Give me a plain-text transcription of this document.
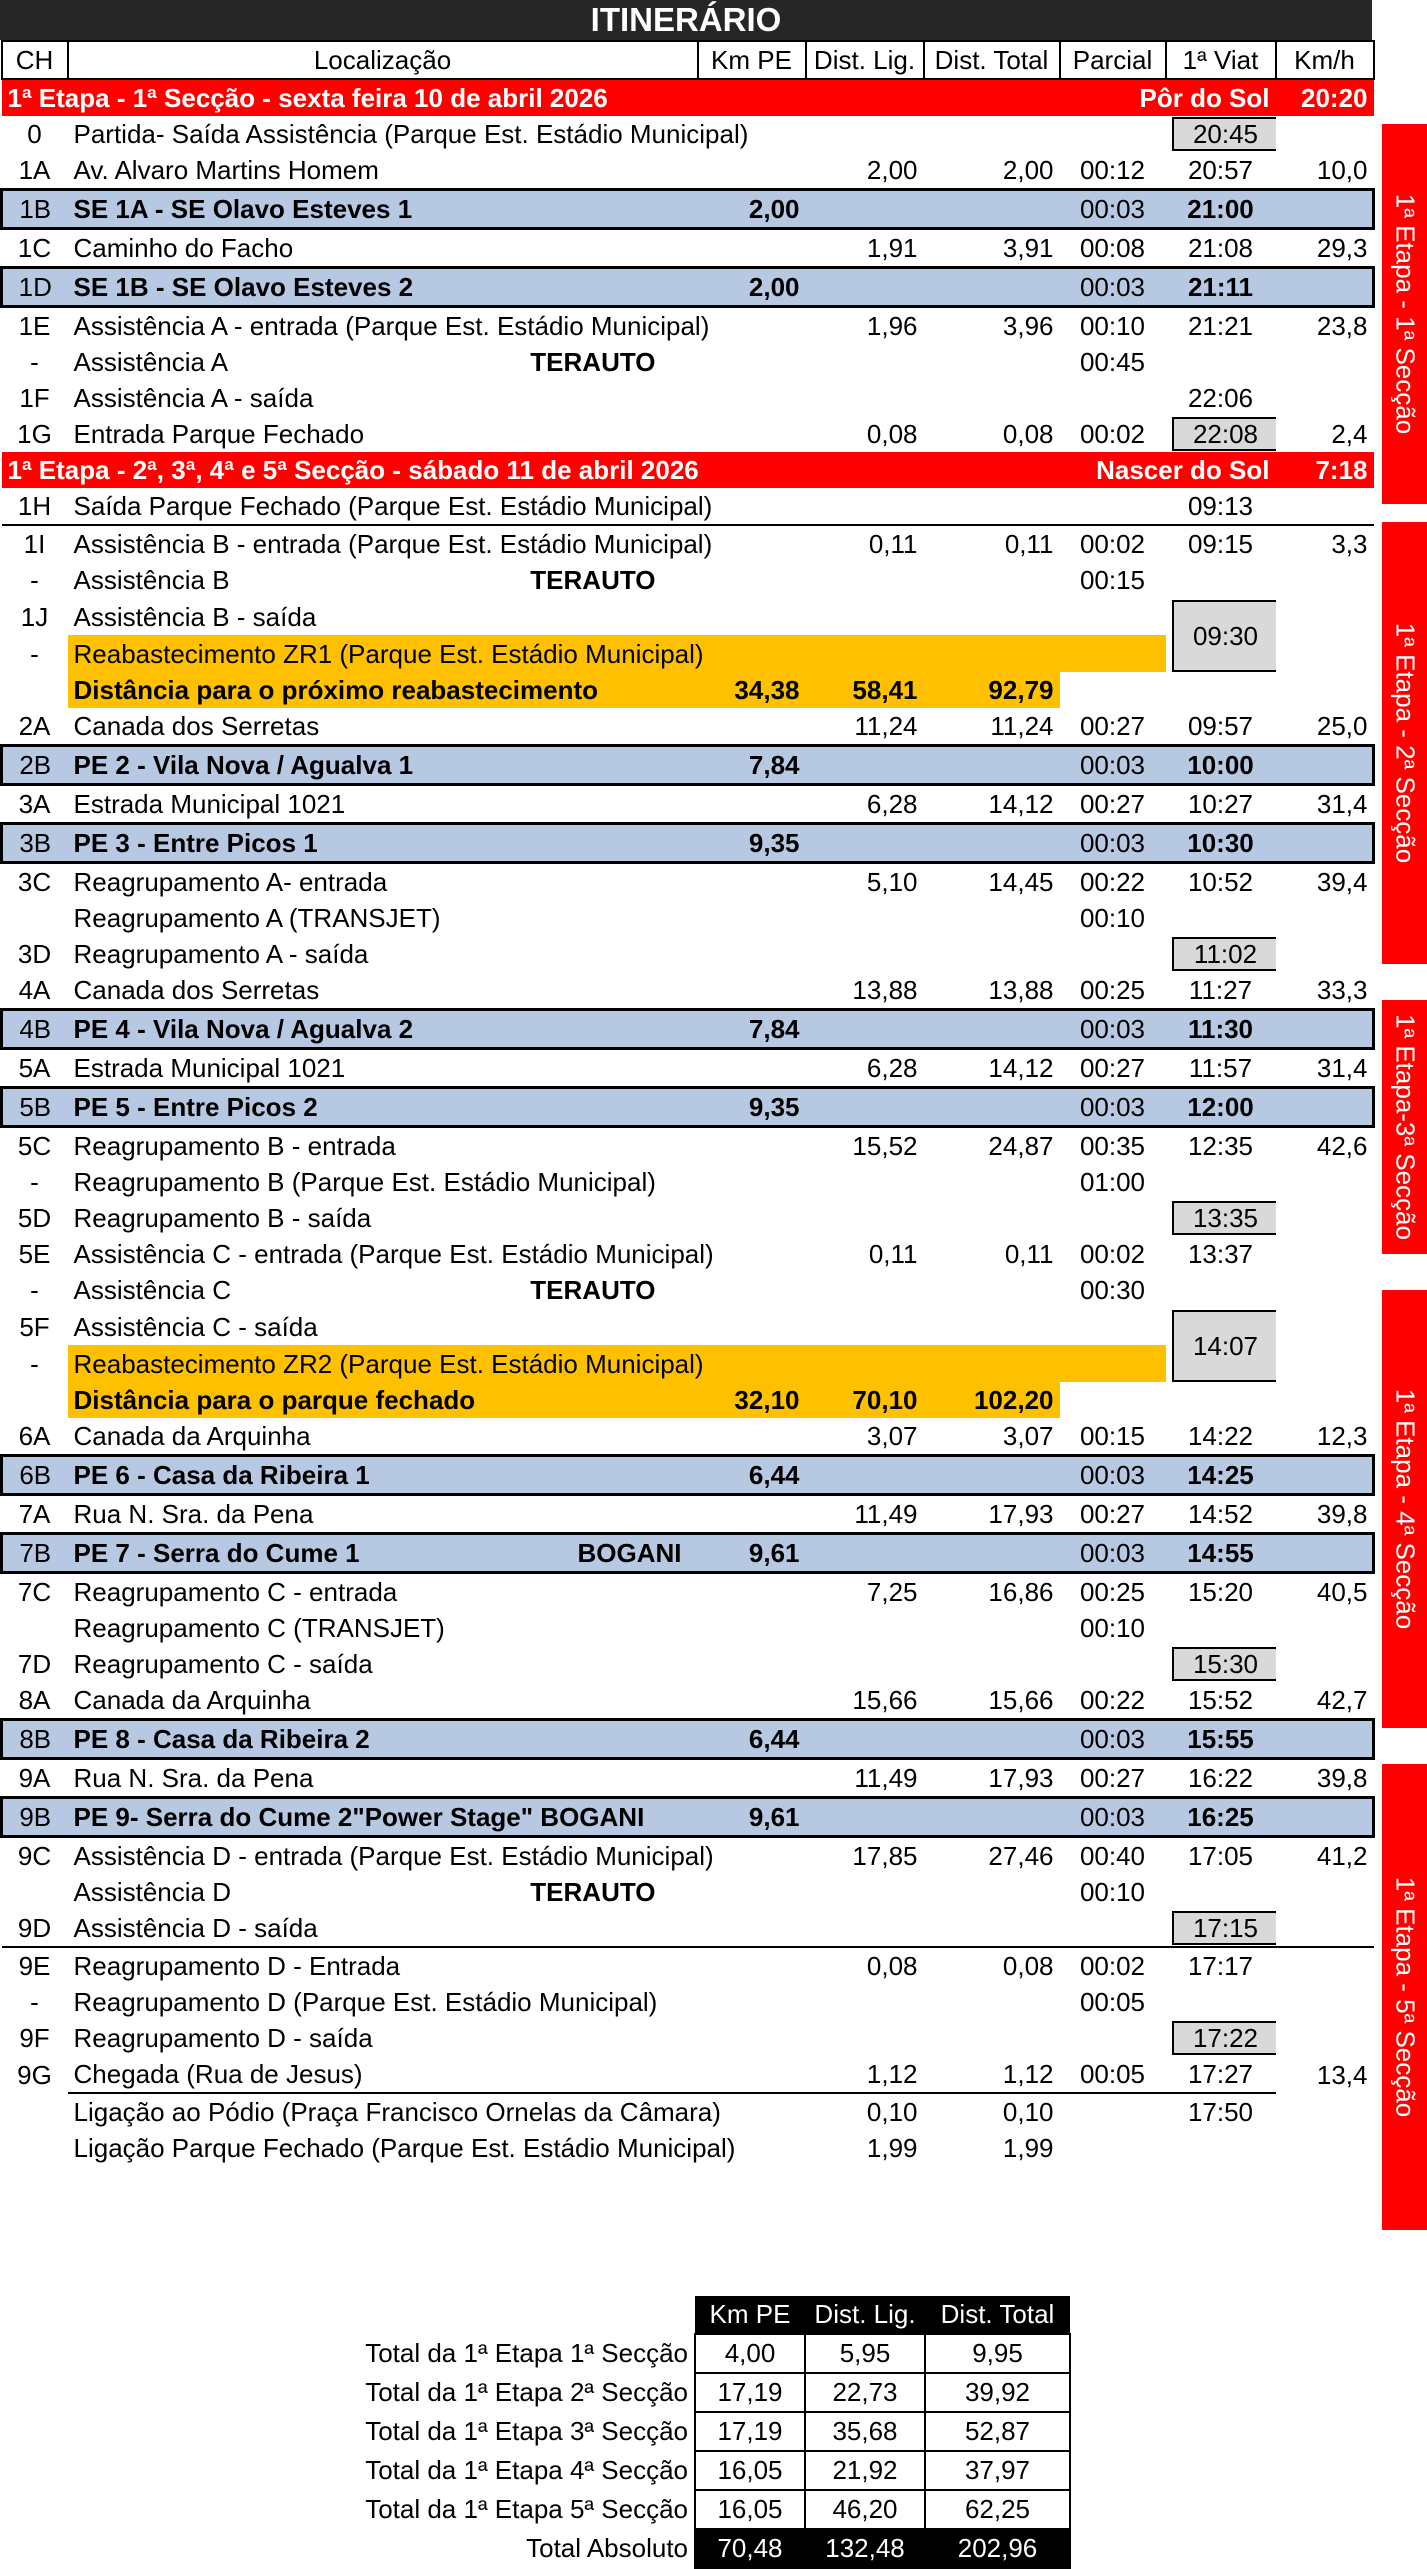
ITINERÁRIO
CH	Localização	Km PE	Dist. Lig.	Dist. Total	Parcial	1ª Viat	Km/h
1ª Etapa - 1ª Secção - sexta feira 10 de abril 2026					Pôr do Sol		20:20
0	Partida- Saída Assistência (Parque Est. Estádio Municipal)					20:45	
1A	Av. Alvaro Martins Homem		2,00	2,00	00:12	20:57	10,0
1B	SE 1A - SE Olavo Esteves 1	2,00			00:03	21:00	
1C	Caminho do Facho		1,91	3,91	00:08	21:08	29,3
1D	SE 1B - SE Olavo Esteves 2	2,00			00:03	21:11	
1E	Assistência A - entrada (Parque Est. Estádio Municipal)		1,96	3,96	00:10	21:21	23,8
-	Assistência A TERAUTO				00:45		
1F	Assistência A - saída					22:06	
1G	Entrada Parque Fechado		0,08	0,08	00:02	22:08	2,4
1ª Etapa - 2ª, 3ª, 4ª e 5ª Secção - sábado 11 de abril 2026					Nascer do Sol		7:18
1H	Saída Parque Fechado (Parque Est. Estádio Municipal)					09:13	
1I	Assistência B - entrada (Parque Est. Estádio Municipal)		0,11	0,11	00:02	09:15	3,3
-	Assistência B TERAUTO				00:15		
1J	Assistência B - saída					09:30	
-	Reabastecimento ZR1 (Parque Est. Estádio Municipal)						
	Distância para o próximo reabastecimento	34,38	58,41	92,79			
2A	Canada dos Serretas		11,24	11,24	00:27	09:57	25,0
2B	PE 2 - Vila Nova / Agualva 1	7,84			00:03	10:00	
3A	Estrada Municipal 1021		6,28	14,12	00:27	10:27	31,4
3B	PE 3 - Entre Picos 1	9,35			00:03	10:30	
3C	Reagrupamento A- entrada		5,10	14,45	00:22	10:52	39,4
	Reagrupamento A (TRANSJET)				00:10		
3D	Reagrupamento A - saída					11:02	
4A	Canada dos Serretas		13,88	13,88	00:25	11:27	33,3
4B	PE 4 - Vila Nova / Agualva 2	7,84			00:03	11:30	
5A	Estrada Municipal 1021		6,28	14,12	00:27	11:57	31,4
5B	PE 5 - Entre Picos 2	9,35			00:03	12:00	
5C	Reagrupamento B - entrada		15,52	24,87	00:35	12:35	42,6
-	Reagrupamento B (Parque Est. Estádio Municipal)				01:00		
5D	Reagrupamento B - saída					13:35	
5E	Assistência C - entrada (Parque Est. Estádio Municipal)		0,11	0,11	00:02	13:37	
-	Assistência C TERAUTO				00:30		
5F	Assistência C - saída					14:07	
-	Reabastecimento ZR2 (Parque Est. Estádio Municipal)						
	Distância para o parque fechado	32,10	70,10	102,20			
6A	Canada da Arquinha		3,07	3,07	00:15	14:22	12,3
6B	PE 6 - Casa da Ribeira 1	6,44			00:03	14:25	
7A	Rua N. Sra. da Pena		11,49	17,93	00:27	14:52	39,8
7B	PE 7 - Serra do Cume 1 BOGANI	9,61			00:03	14:55	
7C	Reagrupamento C - entrada		7,25	16,86	00:25	15:20	40,5
	Reagrupamento C (TRANSJET)				00:10		
7D	Reagrupamento C - saída					15:30	
8A	Canada da Arquinha		15,66	15,66	00:22	15:52	42,7
8B	PE 8 - Casa da Ribeira 2	6,44			00:03	15:55	
9A	Rua N. Sra. da Pena		11,49	17,93	00:27	16:22	39,8
9B	PE 9- Serra do Cume 2"Power Stage" BOGANI	9,61			00:03	16:25	
9C	Assistência D - entrada (Parque Est. Estádio Municipal)		17,85	27,46	00:40	17:05	41,2
	Assistência D TERAUTO				00:10		
9D	Assistência D - saída					17:15	
9E	Reagrupamento D - Entrada		0,08	0,08	00:02	17:17	
-	Reagrupamento D (Parque Est. Estádio Municipal)				00:05		
9F	Reagrupamento D - saída					17:22	
9G	Chegada (Rua de Jesus)		1,12	1,12	00:05	17:27	13,4
	Ligação ao Pódio (Praça Francisco Ornelas da Câmara)		0,10	0,10		17:50	
	Ligação Parque Fechado (Parque Est. Estádio Municipal)		1,99	1,99			
1ª Etapa - 1ª Secção
1ª Etapa - 2ª Secção
1ª Etapa-3ª Secção
1ª Etapa - 4ª Secção
1ª Etapa - 5ª Secção
	Km PE	Dist. Lig.	Dist. Total
Total da 1ª Etapa 1ª Secção	4,00	5,95	9,95
Total da 1ª Etapa 2ª Secção	17,19	22,73	39,92
Total da 1ª Etapa 3ª Secção	17,19	35,68	52,87
Total da 1ª Etapa 4ª Secção	16,05	21,92	37,97
Total da 1ª Etapa 5ª Secção	16,05	46,20	62,25
Total Absoluto	70,48	132,48	202,96
